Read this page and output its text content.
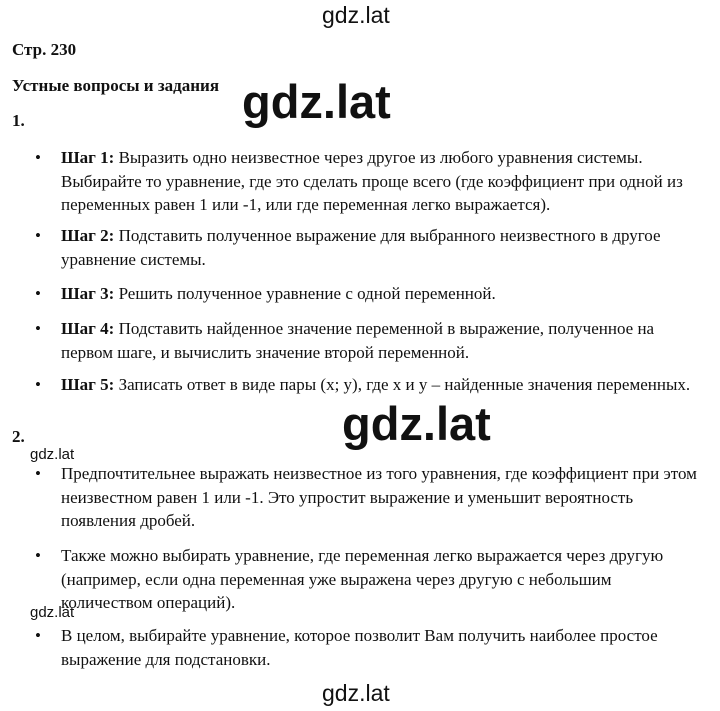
gdz.lat
gdz.lat
gdz.lat
gdz.lat
gdz.lat
gdz.lat
Стр. 230
Устные вопросы и задания
1.
• Шаг 1: Выразить одно неизвестное через другое из любого уравнения системы. Выбирайте то уравнение, где это сделать проще всего (где коэффициент при одной из переменных равен 1 или -1, или где переменная легко выражается).
• Шаг 2: Подставить полученное выражение для выбранного неизвестного в другое уравнение системы.
• Шаг 3: Решить полученное уравнение с одной переменной.
• Шаг 4: Подставить найденное значение переменной в выражение, полученное на первом шаге, и вычислить значение второй переменной.
• Шаг 5: Записать ответ в виде пары (x; y), где x и y – найденные значения переменных.
2.
• Предпочтительнее выражать неизвестное из того уравнения, где коэффициент при этом неизвестном равен 1 или -1. Это упростит выражение и уменьшит вероятность появления дробей.
• Также можно выбирать уравнение, где переменная легко выражается через другую (например, если одна переменная уже выражена через другую с небольшим количеством операций).
• В целом, выбирайте уравнение, которое позволит Вам получить наиболее простое выражение для подстановки.
